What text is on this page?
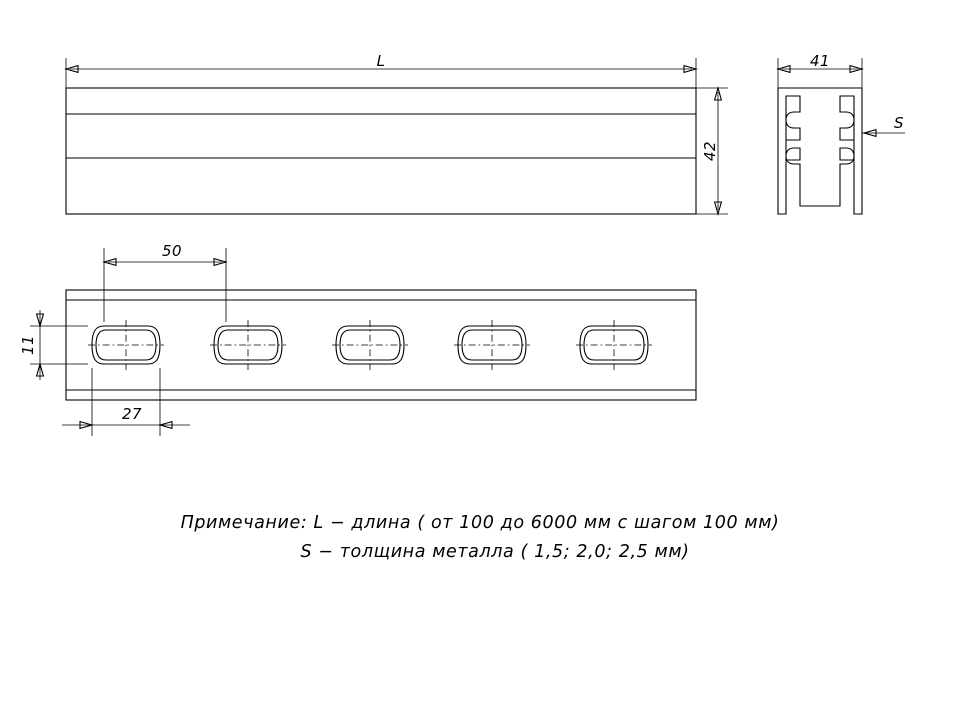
L
42
41
S
50
11
27
Примечание: L − длина ( от 100 до 6000 мм с шагом 100 мм)
S − толщина металла ( 1,5; 2,0; 2,5 мм)
